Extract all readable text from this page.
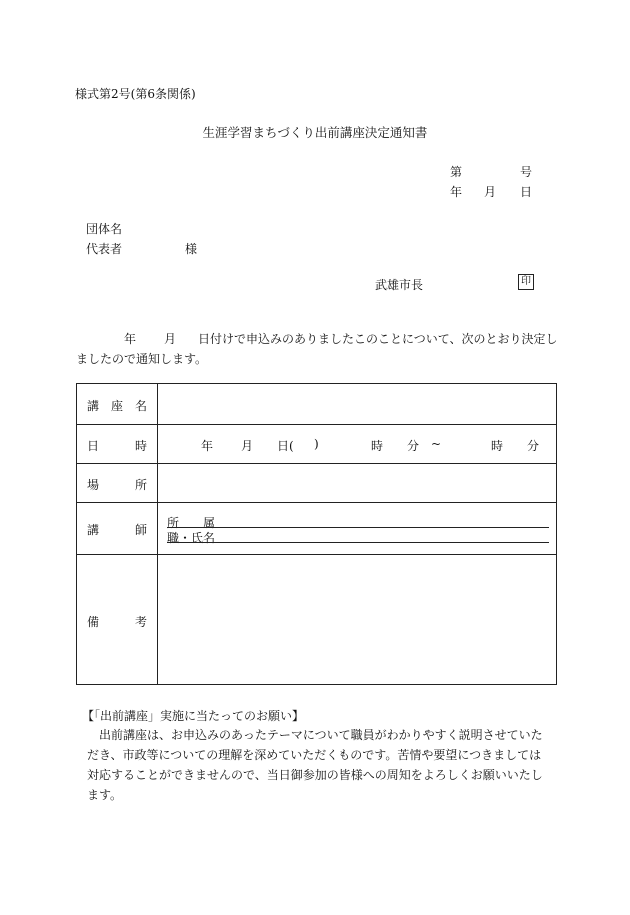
様式第2号(第6条関係)
生涯学習まちづくり出前講座決定通知書
第	号
年 月 日
団体名
代表者	様
武雄市長	印
年 月 日付けで申込みのありましたこのことについて、次のとおり決定し
ましたので通知します。
講 座 名
日	時	年 月 日( )	時 分 ~	時 分
場	所
講	師 所　　属
職・氏名
備	考
【「出前講座」実施に当たってのお願い】

出前講座は、お申込みのあったテーマについて職員がわかりやすく説明させていた

だき、市政等についての理解を深めていただくものです。苦情や要望につきましては

対応することができませんので、当日御参加の皆様への周知をよろしくお願いいたし

ます。
